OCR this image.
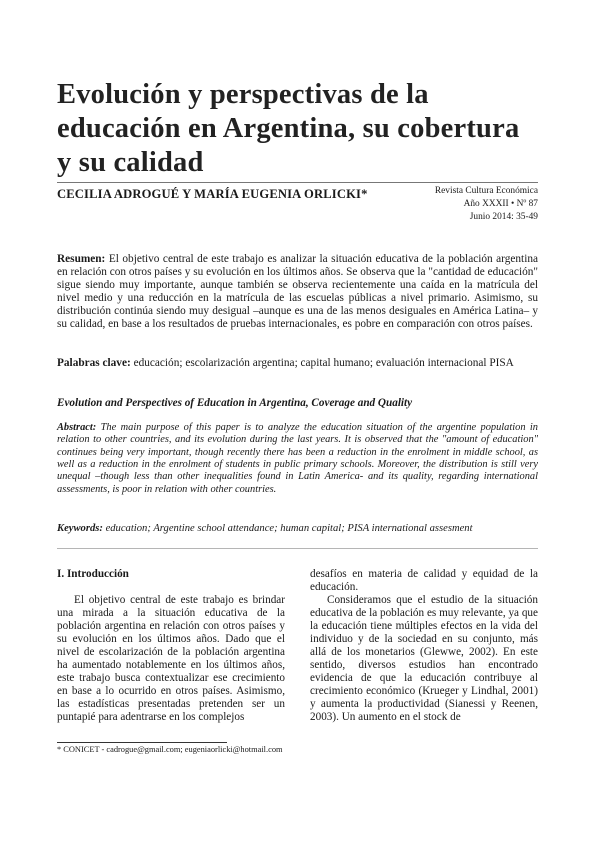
Evolución y perspectivas de la educación en Argentina, su cobertura y su calidad
CECILIA ADROGUÉ Y MARÍA EUGENIA ORLICKI*	Revista Cultura Económica
Año XXXII • Nº 87
Junio 2014: 35-49
Resumen: El objetivo central de este trabajo es analizar la situación educativa de la población argentina en relación con otros países y su evolución en los últimos años. Se observa que la "cantidad de educación" sigue siendo muy importante, aunque también se observa recientemente una caída en la matrícula del nivel medio y una reducción en la matrícula de las escuelas públicas a nivel primario. Asimismo, su distribución continúa siendo muy desigual –aunque es una de las menos desiguales en América Latina– y su calidad, en base a los resultados de pruebas internacionales, es pobre en comparación con otros países.
Palabras clave: educación; escolarización argentina; capital humano; evaluación internacional PISA
Evolution and Perspectives of Education in Argentina, Coverage and Quality
Abstract: The main purpose of this paper is to analyze the education situation of the argentine population in relation to other countries, and its evolution during the last years. It is observed that the "amount of education" continues being very important, though recently there has been a reduction in the enrolment in middle school, as well as a reduction in the enrolment of students in public primary schools. Moreover, the distribution is still very unequal –though less than other inequalities found in Latin America- and its quality, regarding international assessments, is poor in relation with other countries.
Keywords: education; Argentine school attendance; human capital; PISA international assesment
I. Introducción

El objetivo central de este trabajo es brindar una mirada a la situación educativa de la población argentina en relación con otros países y su evolución en los últimos años. Dado que el nivel de escolarización de la población argentina ha aumentado notablemente en los últimos años, este trabajo busca contextualizar ese crecimiento en base a lo ocurrido en otros países. Asimismo, las estadísticas presentadas pretenden ser un puntapié para adentrarse en los complejos

desafíos en materia de calidad y equidad de la educación.

Consideramos que el estudio de la situación educativa de la población es muy relevante, ya que la educación tiene múltiples efectos en la vida del individuo y de la sociedad en su conjunto, más allá de los monetarios (Glewwe, 2002). En este sentido, diversos estudios han encontrado evidencia de que la educación contribuye al crecimiento económico (Krueger y Lindhal, 2001) y aumenta la productividad (Sianessi y Reenen, 2003). Un aumento en el stock de

* CONICET - cadrogue@gmail.com; eugeniaorlicki@hotmail.com
